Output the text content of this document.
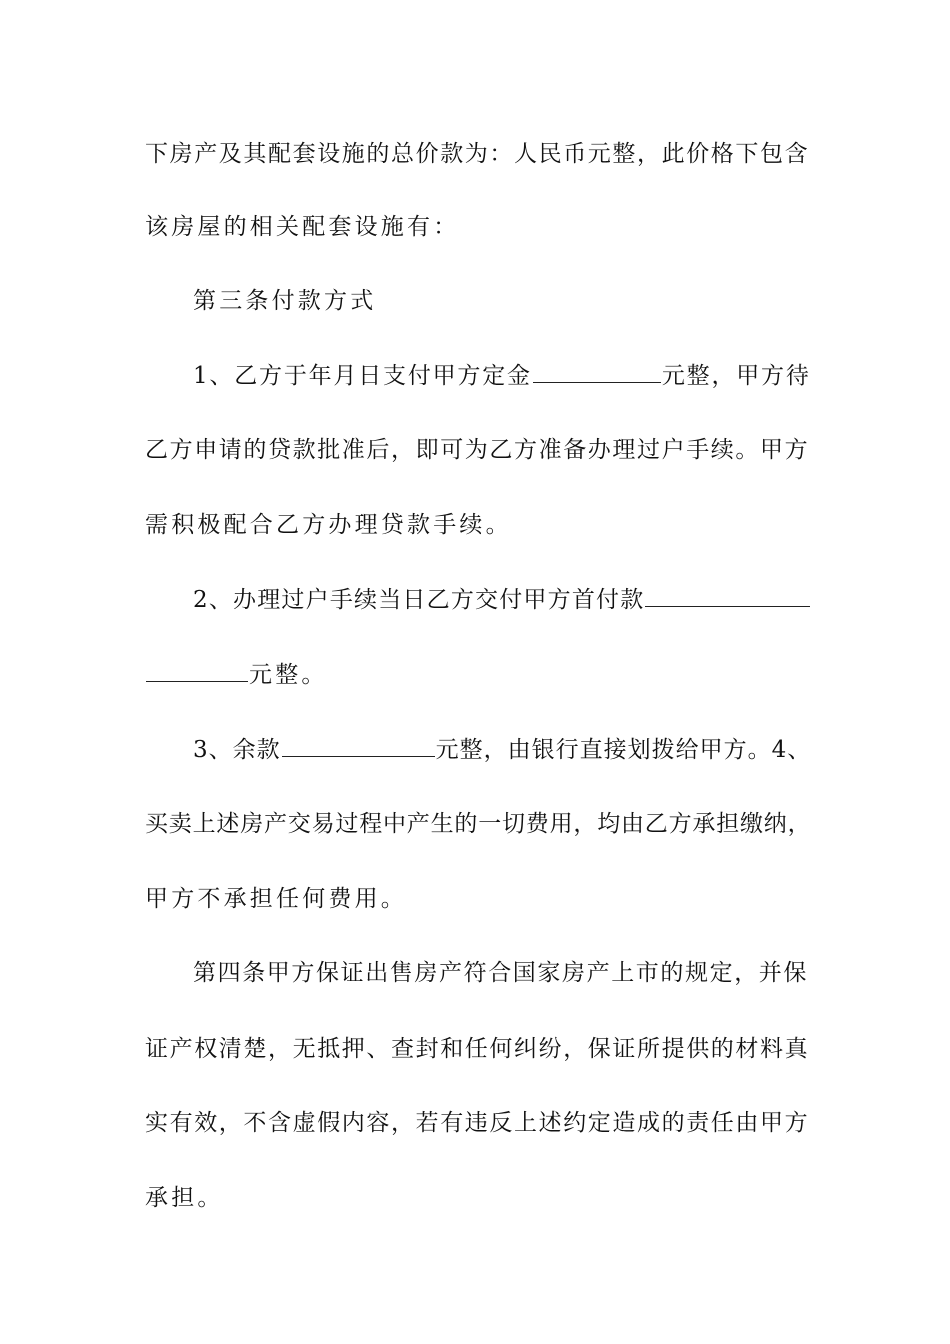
下房产及其配套设施的总价款为：人民币元整，此价格下包含
该房屋的相关配套设施有：
第三条付款方式
1、乙方于年月日支付甲方定金	元整，甲方待
乙方申请的贷款批准后，即可为乙方准备办理过户手续。甲方
需积极配合乙方办理贷款手续。
2、办理过户手续当日乙方交付甲方首付款
元整。
3、余款	元整，由银行直接划拨给甲方。4、
买卖上述房产交易过程中产生的一切费用，均由乙方承担缴纳，
甲方不承担任何费用。
第四条甲方保证出售房产符合国家房产上市的规定，并保
证产权清楚，无抵押、查封和任何纠纷，保证所提供的材料真
实有效，不含虚假内容，若有违反上述约定造成的责任由甲方
承担。
